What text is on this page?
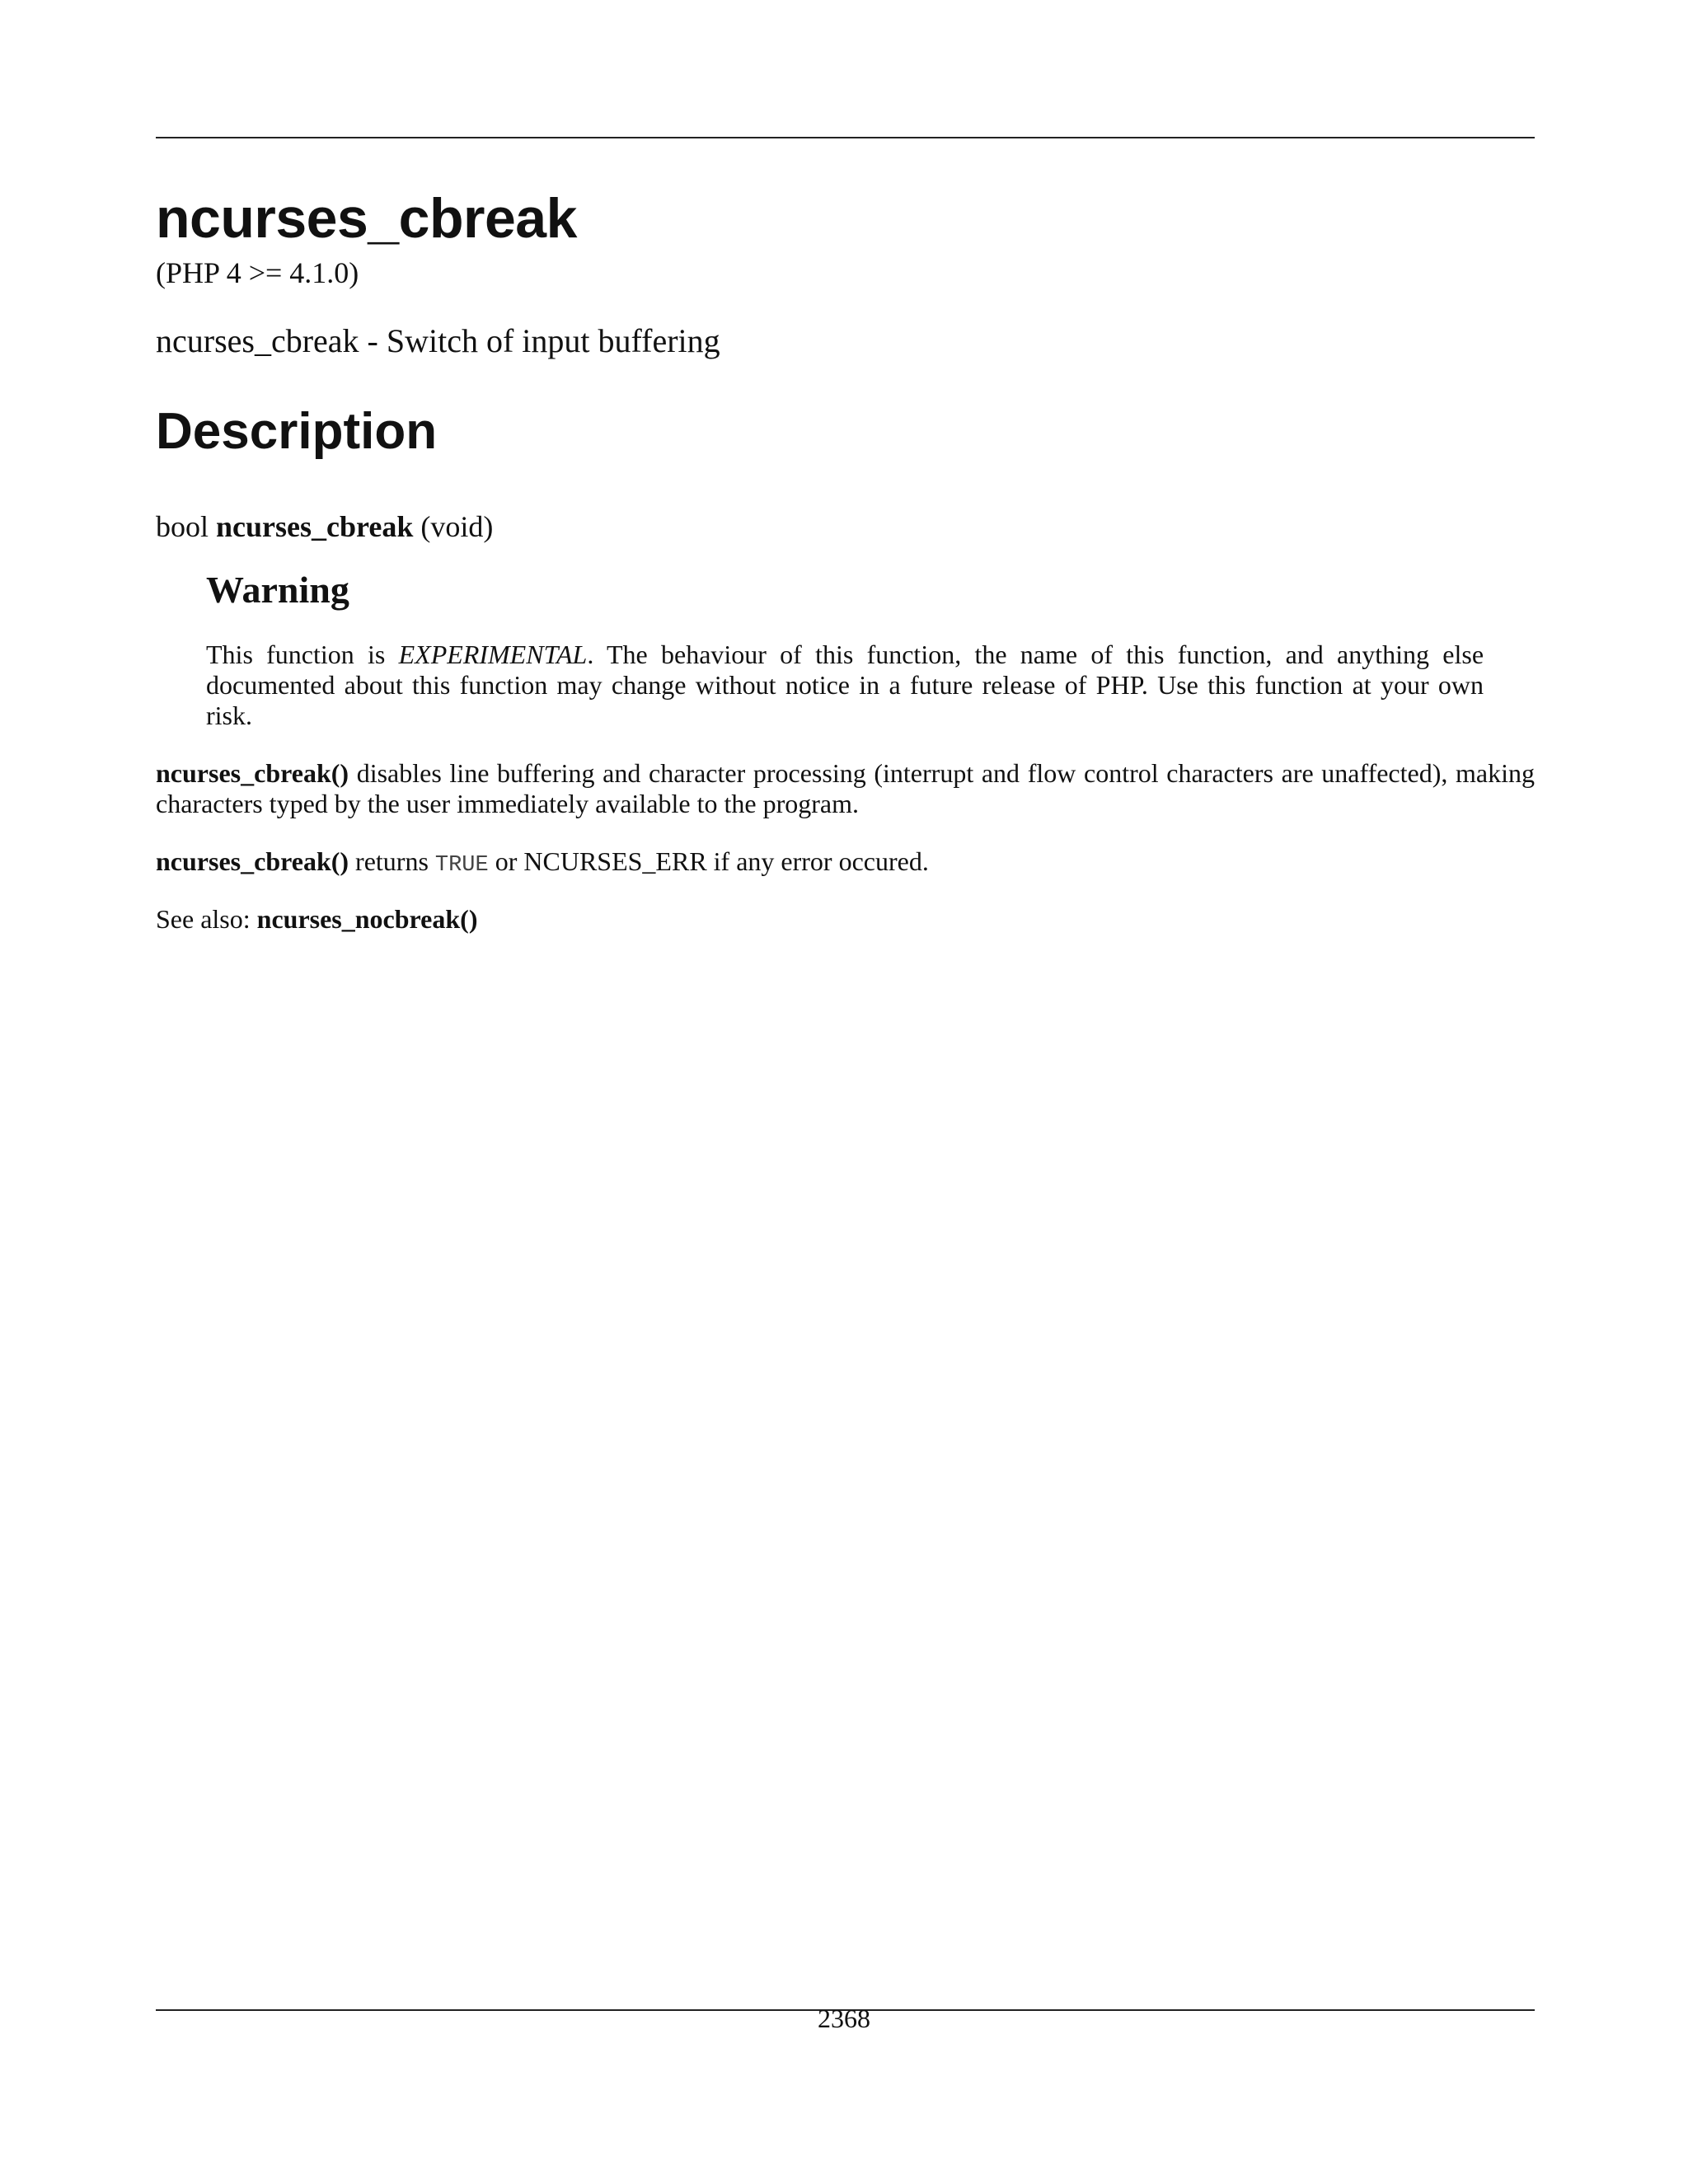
ncurses_cbreak
(PHP 4 >= 4.1.0)
ncurses_cbreak - Switch of input buffering
Description
bool ncurses_cbreak (void)
Warning

This function is EXPERIMENTAL. The behaviour of this function, the name of this function, and anything else documented about this function may change without notice in a future release of PHP. Use this function at your own risk.

ncurses_cbreak() disables line buffering and character processing (interrupt and flow control characters are unaffected), making characters typed by the user immediately available to the program.

ncurses_cbreak() returns TRUE or NCURSES_ERR if any error occured.

See also: ncurses_nocbreak()

2368
